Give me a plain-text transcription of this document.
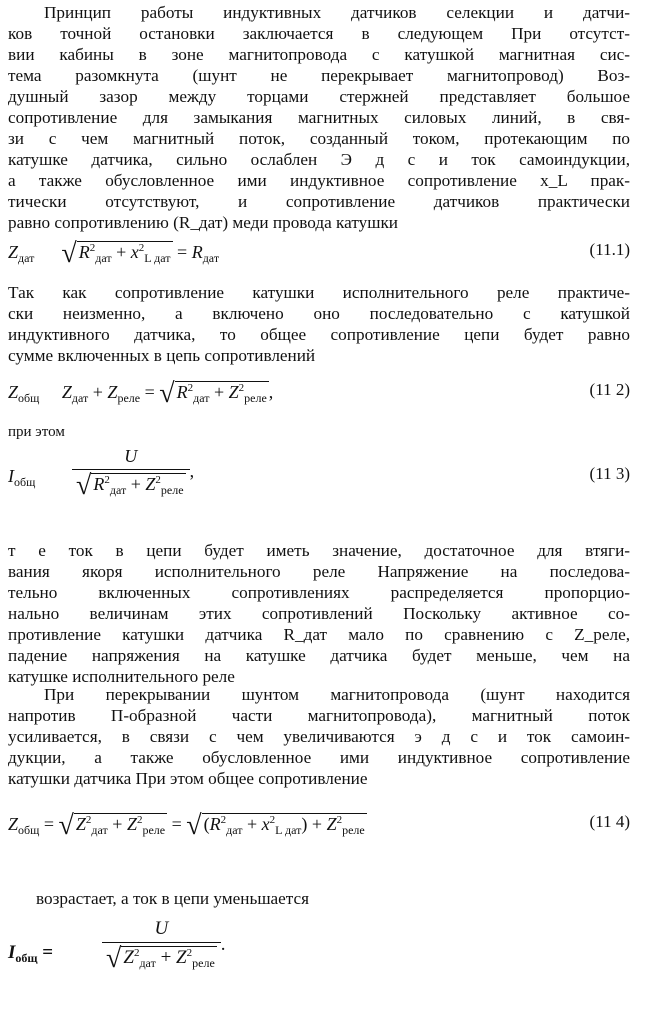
Принцип работы индуктивных датчиков селекции и датчи-
ков точной остановки заключается в следующем При отсутст-
вии кабины в зоне магнитопровода с катушкой магнитная сис-
тема разомкнута (шунт не перекрывает магнитопровод) Воз-
душный зазор между торцами стержней представляет большое
сопротивление для замыкания магнитных силовых линий, в свя-
зи с чем магнитный поток, созданный током, протекающим по
катушке датчика, сильно ослаблен Э д с и ток самоиндукции,
а также обусловленное ими индуктивное сопротивление x_L прак-
тически отсутствуют, и сопротивление датчиков практически
равно сопротивлению (R_дат) меди провода катушки

$Z_{дат}$ √ $R^2_{дат} + x^2_{L дат} = R_{дат}$	(11.1)

Так как сопротивление катушки исполнительного реле практиче-
ски неизменно, а включено оно последовательно с катушкой
индуктивного датчика, то общее сопротивление цепи будет равно
сумме включенных в цепь сопротивлений

$Z_{общ}$ $Z_{дат} + Z_{реле}$ = √ $R^2_{дат} + Z^2_{реле}$ ,	(11 2)
при этом
$I_{общ} \frac{U}{√ R^2_{дат} + Z^2_{реле}}$ ,	(11 3)

т е ток в цепи будет иметь значение, достаточное для втяги-
вания якоря исполнительного реле Напряжение на последова-
тельно включенных сопротивлениях распределяется пропорцио-
нально величинам этих сопротивлений Поскольку активное со-
противление катушки датчика R_дат мало по сравнению с Z_реле,
падение напряжения на катушке датчика будет меньше, чем на
катушке исполнительного реле

При перекрывании шунтом магнитопровода (шунт находится
напротив П-образной части магнитопровода), магнитный поток
усиливается, в связи с чем увеличиваются э д с и ток самоин-
дукции, а также обусловленное ими индуктивное сопротивление
катушки датчика При этом общее сопротивление

$Z_{общ}$ = √ $Z^2_{дат} + Z^2_{реле} = √(R^2_{дат} + x^2_{L дат}) + Z^2_{реле}$	(11 4)
возрастает, а ток в цепи уменьшается
$I_{общ}$ =	$\frac{U}{√ Z^2_{дат} + Z^2_{реле}}$ .
